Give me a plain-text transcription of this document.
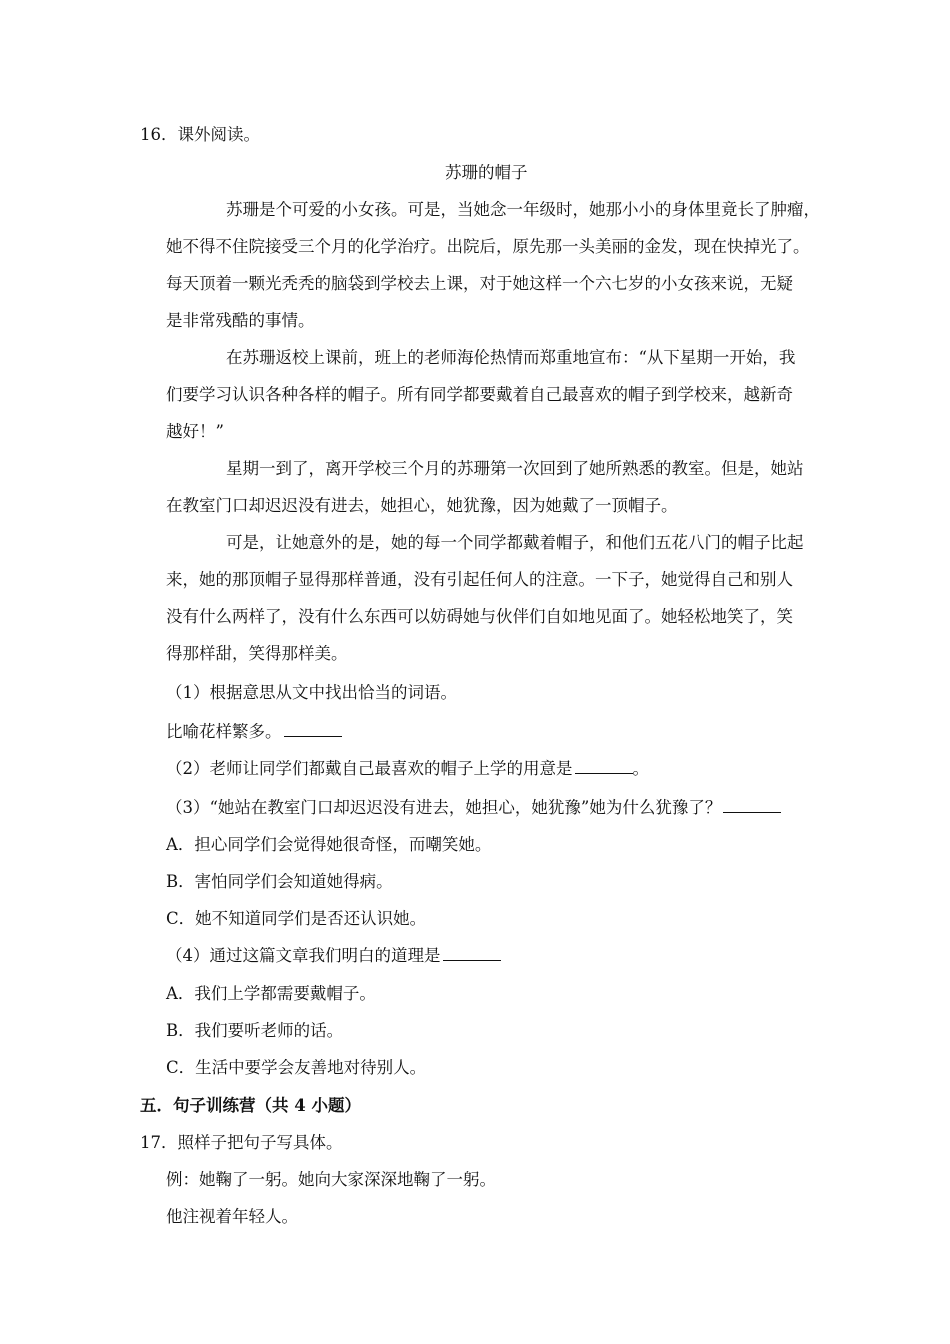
16．课外阅读。
苏珊的帽子
苏珊是个可爱的小女孩。可是，当她念一年级时，她那小小的身体里竟长了肿瘤，
她不得不住院接受三个月的化学治疗。出院后，原先那一头美丽的金发，现在快掉光了。
每天顶着一颗光秃秃的脑袋到学校去上课，对于她这样一个六七岁的小女孩来说，无疑
是非常残酷的事情。
在苏珊返校上课前，班上的老师海伦热情而郑重地宣布：“从下星期一开始，我
们要学习认识各种各样的帽子。所有同学都要戴着自己最喜欢的帽子到学校来，越新奇
越好！”
星期一到了，离开学校三个月的苏珊第一次回到了她所熟悉的教室。但是，她站
在教室门口却迟迟没有进去，她担心，她犹豫，因为她戴了一顶帽子。
可是，让她意外的是，她的每一个同学都戴着帽子，和他们五花八门的帽子比起
来，她的那顶帽子显得那样普通，没有引起任何人的注意。一下子，她觉得自己和别人
没有什么两样了，没有什么东西可以妨碍她与伙伴们自如地见面了。她轻松地笑了，笑
得那样甜，笑得那样美。
（1）根据意思从文中找出恰当的词语。
比喻花样繁多。
（2）老师让同学们都戴自己最喜欢的帽子上学的用意是	。
（3）“她站在教室门口却迟迟没有进去，她担心，她犹豫”她为什么犹豫了？
A．担心同学们会觉得她很奇怪，而嘲笑她。
B．害怕同学们会知道她得病。
C．她不知道同学们是否还认识她。
（4）通过这篇文章我们明白的道理是
A．我们上学都需要戴帽子。
B．我们要听老师的话。
C．生活中要学会友善地对待别人。
五．句子训练营（共 4 小题）
17．照样子把句子写具体。
例：她鞠了一躬。她向大家深深地鞠了一躬。
他注视着年轻人。
